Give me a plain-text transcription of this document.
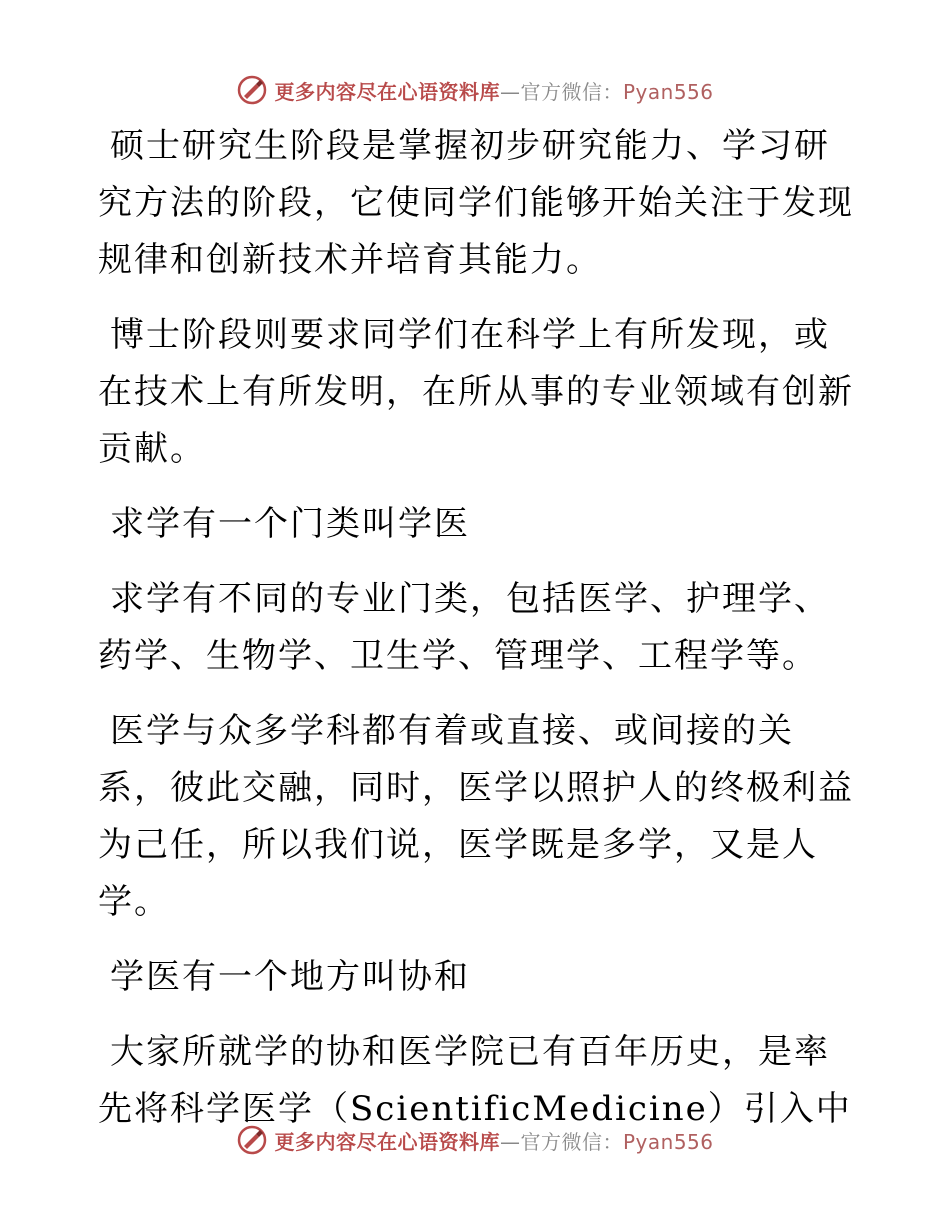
更多内容尽在心语资料库—官方微信：Pyan556

硕士研究生阶段是掌握初步研究能力、学习研究方法的阶段，它使同学们能够开始关注于发现规律和创新技术并培育其能力。

博士阶段则要求同学们在科学上有所发现，或在技术上有所发明，在所从事的专业领域有创新贡献。

求学有一个门类叫学医

求学有不同的专业门类，包括医学、护理学、药学、生物学、卫生学、管理学、工程学等。

医学与众多学科都有着或直接、或间接的关系，彼此交融，同时，医学以照护人的终极利益为己任，所以我们说，医学既是多学，又是人学。

学医有一个地方叫协和

大家所就学的协和医学院已有百年历史，是率先将科学医学（ScientificMedicine）引入中

更多内容尽在心语资料库—官方微信：Pyan556
